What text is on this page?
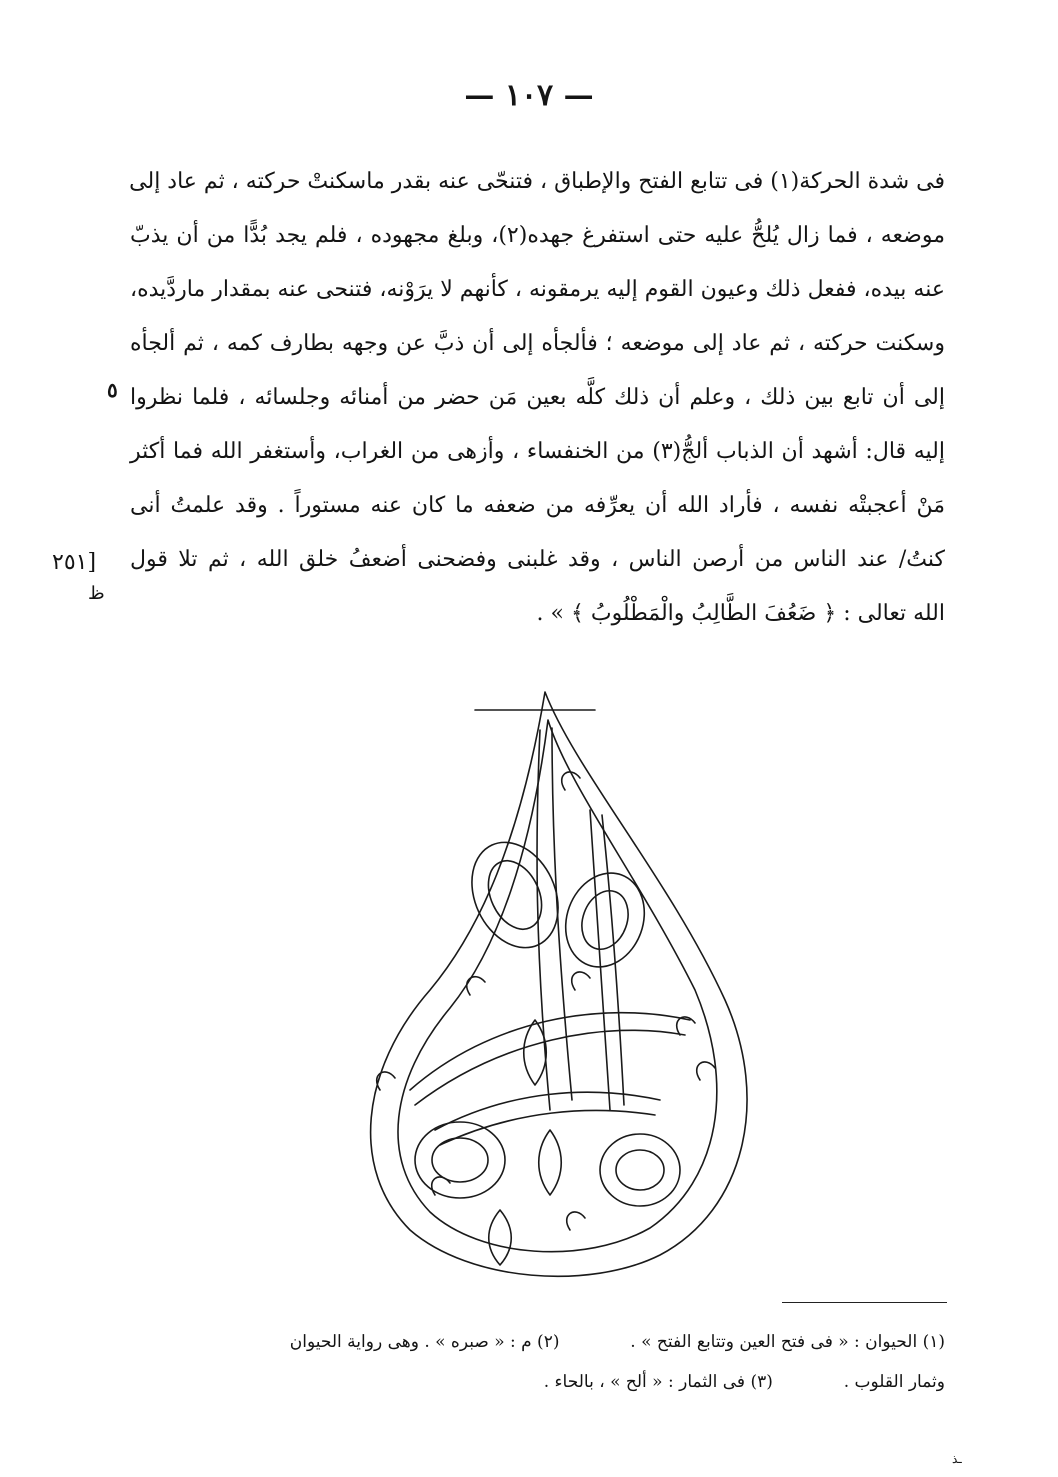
— ١٠٧ —
فى شدة الحركة(١) فى تتابع الفتح والإطباق ، فتنحّى عنه بقدر ماسكنتْ حركته ، ثم عاد إلى
موضعه ، فما زال يُلحُّ عليه حتى استفرغ جهده(٢)، وبلغ مجهوده ، فلم يجد بُدًّا من أن يذبّ
عنه بيده، ففعل ذلك وعيون القوم إليه يرمقونه ، كأنهم لا يرَوْنه، فتنحى عنه بمقدار ماردَّيده،
وسكنت حركته ، ثم عاد إلى موضعه ؛ فألجأه إلى أن ذبَّ عن وجهه بطارف كمه ، ثم ألجأه
إلى أن تابع بين ذلك ، وعلم أن ذلك كلَّه بعين مَن حضر من أمنائه وجلسائه ، فلما نظروا
إليه قال: أشهد أن الذباب ألجُّ(٣) من الخنفساء ، وأزهى من الغراب، وأستغفر الله فما أكثر
مَنْ أعجبتْه نفسه ، فأراد الله أن يعرِّفه من ضعفه ما كان عنه مستوراً . وقد علمتُ أنى
كنتُ/ عند الناس من أرصن الناس ، وقد غلبنى وفضحنى أضعفُ خلق الله ، ثم تلا قول
الله تعالى : ﴿ ضَعُفَ الطَّالِبُ والْمَطْلُوبُ ﴾ » .
٥
[٢٥١
ظ
(١) الحيوان : « فى فتح العين وتتابع الفتح » .  (٢) م : « صبره » . وهى رواية الحيوان
وثمار القلوب .  (٣) فى الثمار : « ألح » ، بالحاء .
ـذ
